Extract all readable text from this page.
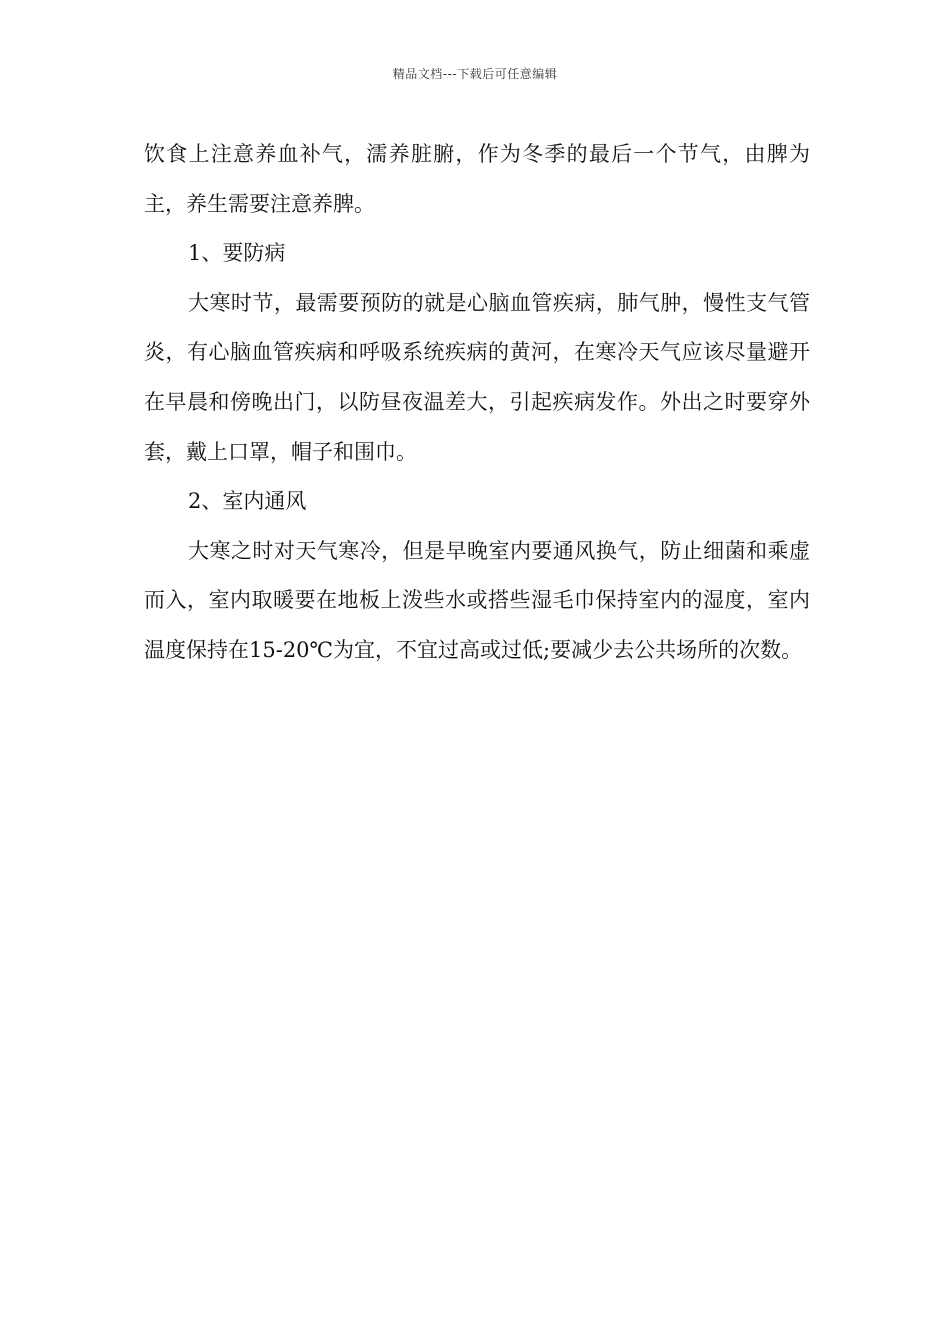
精品文档---下载后可任意编辑

饮食上注意养血补气，濡养脏腑，作为冬季的最后一个节气，由脾为主，养生需要注意养脾。

1、要防病

大寒时节，最需要预防的就是心脑血管疾病，肺气肿，慢性支气管炎，有心脑血管疾病和呼吸系统疾病的黄河，在寒冷天气应该尽量避开在早晨和傍晚出门，以防昼夜温差大，引起疾病发作。外出之时要穿外套，戴上口罩，帽子和围巾。

2、室内通风

大寒之时对天气寒冷，但是早晚室内要通风换气，防止细菌和乘虚而入，室内取暖要在地板上泼些水或搭些湿毛巾保持室内的湿度，室内温度保持在15-20℃为宜，不宜过高或过低;要减少去公共场所的次数。
